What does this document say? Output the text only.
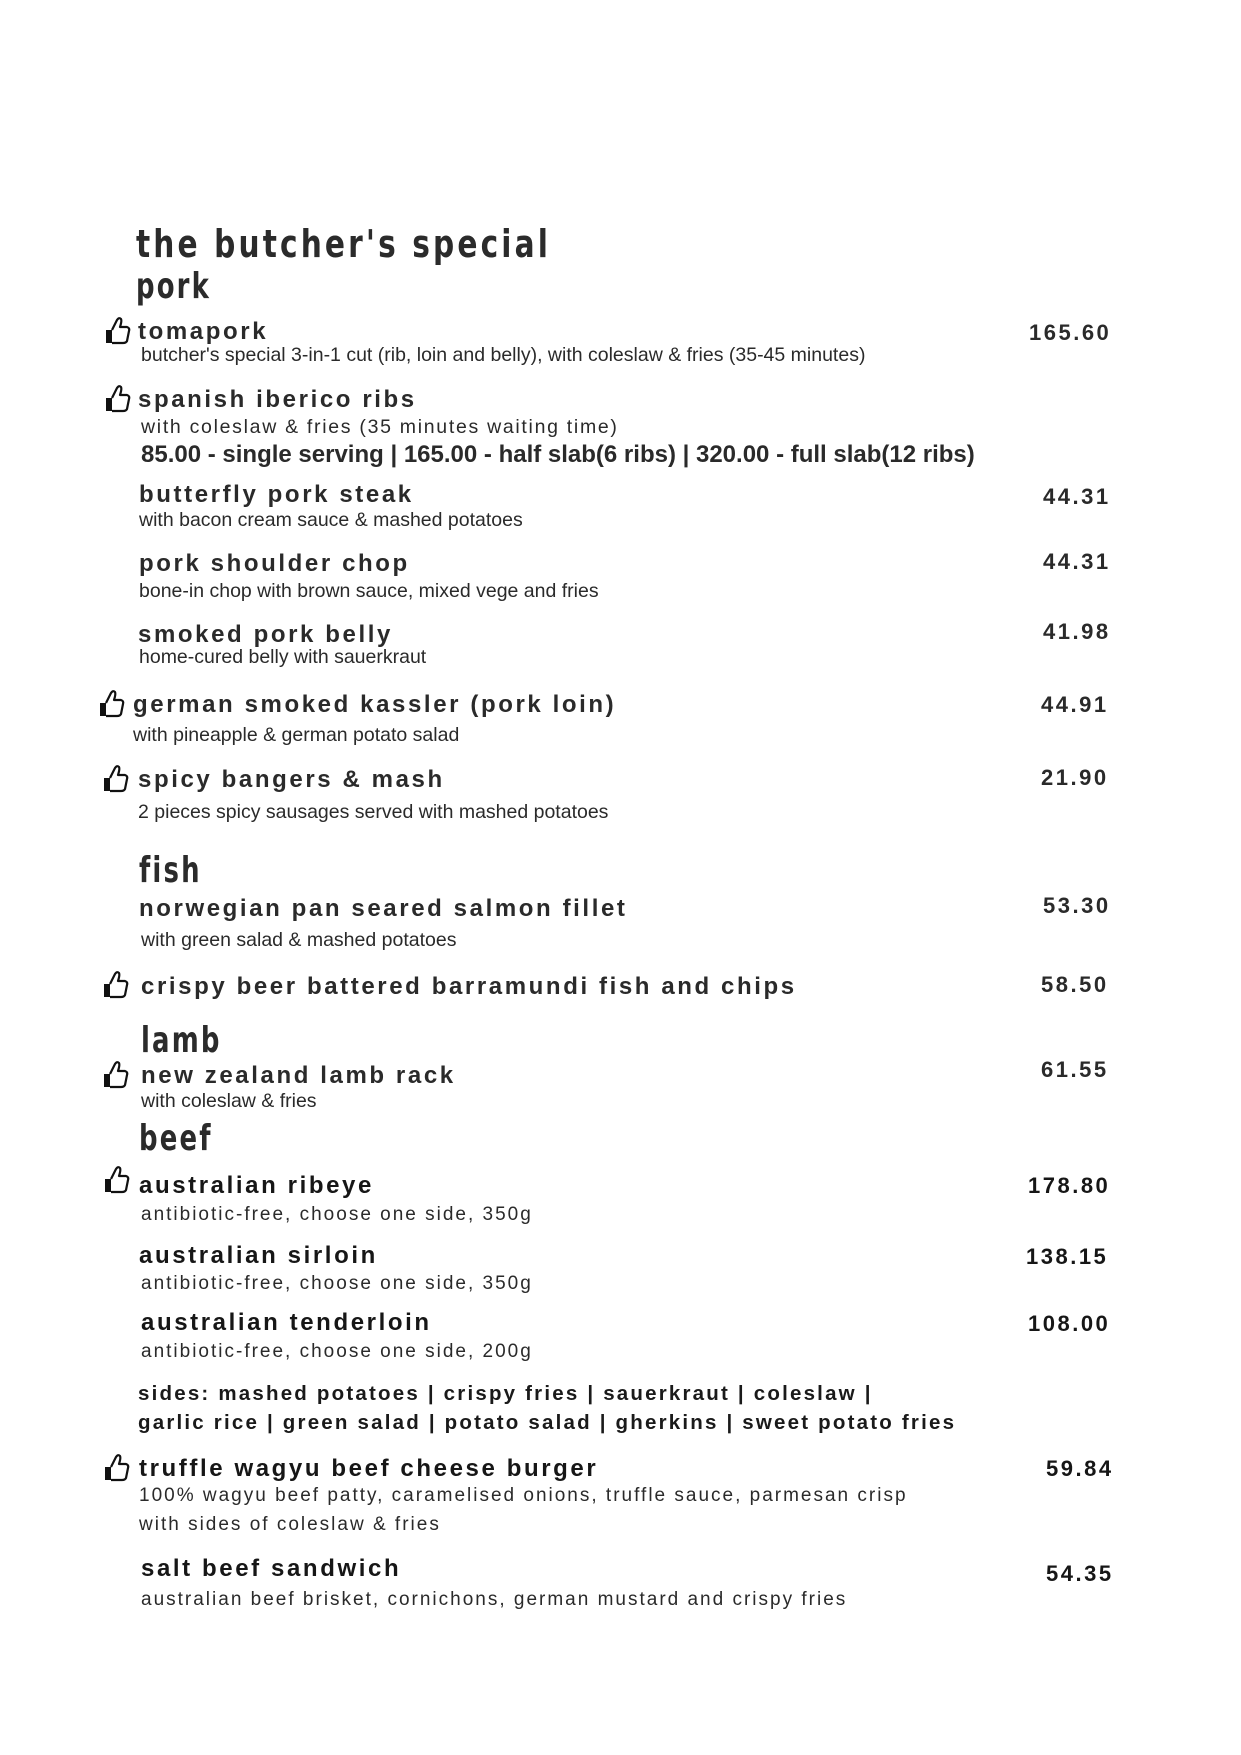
the butcher's special
pork
tomapork	165.60
butcher's special 3-in-1 cut (rib, loin and belly), with coleslaw & fries (35-45 minutes)
spanish iberico ribs
with coleslaw & fries (35 minutes waiting time)
85.00 - single serving | 165.00 - half slab(6 ribs) | 320.00 - full slab(12 ribs)
butterfly pork steak	44.31
with bacon cream sauce & mashed potatoes
pork shoulder chop	44.31
bone-in chop with brown sauce, mixed vege and fries
smoked pork belly	41.98
home-cured belly with sauerkraut
german smoked kassler (pork loin)	44.91
with pineapple & german potato salad
spicy bangers & mash	21.90
2 pieces spicy sausages served with mashed potatoes
fish
norwegian pan seared salmon fillet	53.30
with green salad & mashed potatoes
crispy beer battered barramundi fish and chips	58.50
lamb
new zealand lamb rack	61.55
with coleslaw & fries
beef
australian ribeye	178.80
antibiotic-free, choose one side, 350g
australian sirloin	138.15
antibiotic-free, choose one side, 350g
australian tenderloin	108.00
antibiotic-free, choose one side, 200g
sides: mashed potatoes | crispy fries | sauerkraut | coleslaw |
garlic rice | green salad | potato salad | gherkins | sweet potato fries
truffle wagyu beef cheese burger	59.84
100% wagyu beef patty, caramelised onions, truffle sauce, parmesan crisp
with sides of coleslaw & fries
salt beef sandwich	54.35
australian beef brisket, cornichons, german mustard and crispy fries
